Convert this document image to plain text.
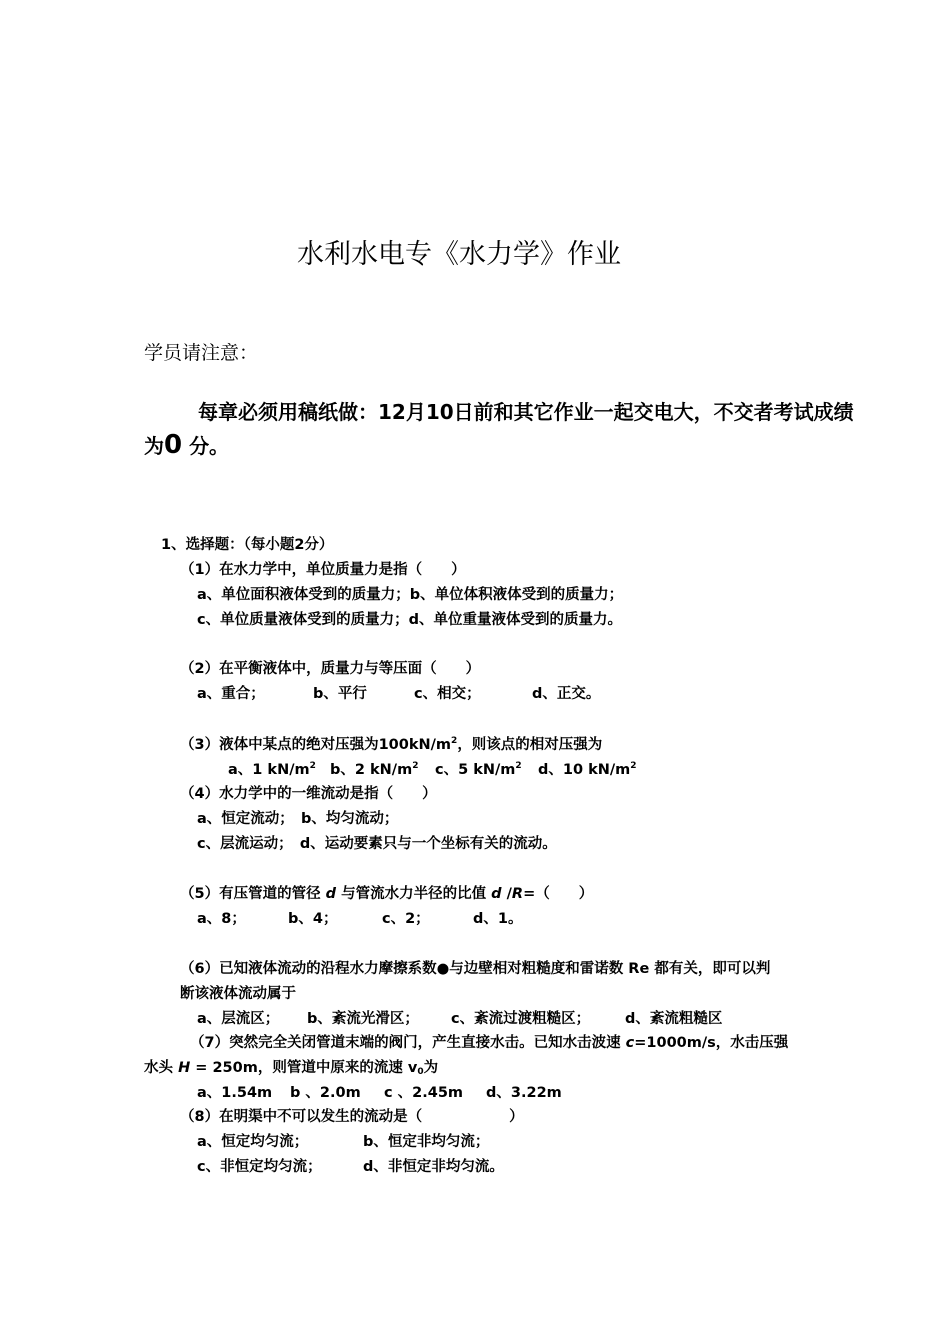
水利水电专《水力学》作业
学员请注意：
每章必须用稿纸做：12月10日前和其它作业一起交电大，不交者考试成绩为0 分。
1、选择题：（每小题2分）
（1）在水力学中，单位质量力是指（　　）
a、单位面积液体受到的质量力；b、单位体积液体受到的质量力；
c、单位质量液体受到的质量力；d、单位重量液体受到的质量力。
（2）在平衡液体中，质量力与等压面（　　）
a、重合；	b、平行	c、相交；	d、正交。
（3）液体中某点的绝对压强为$100kN/m^2$，则该点的相对压强为
a、1 $kN/m^2$ b、2 $kN/m^2$ c、5 $kN/m^2$ d、10 $kN/m^2$
（4）水力学中的一维流动是指（　　）
a、恒定流动；　b、均匀流动；
c、层流运动；　d、运动要素只与一个坐标有关的流动。
（5）有压管道的管径 d 与管流水力半径的比值 d /R=（　　）
a、8；	b、4；	c、2；	d、1。
（6）已知液体流动的沿程水力摩擦系数●与边壁相对粗糙度和雷诺数 Re 都有关，即可以判
断该液体流动属于
a、层流区； b、紊流光滑区； c、紊流过渡粗糙区； d、紊流粗糙区
（7）突然完全关闭管道末端的阀门，产生直接水击。已知水击波速 c=1000m/s，水击压强
水头 H = 250m，则管道中原来的流速 $v_0$为
a、1.54m b 、2.0m c 、2.45m d、3.22m
（8）在明渠中不可以发生的流动是（　　　　　　）
a、恒定均匀流；	b、恒定非均匀流；
c、非恒定均匀流；	d、非恒定非均匀流。
